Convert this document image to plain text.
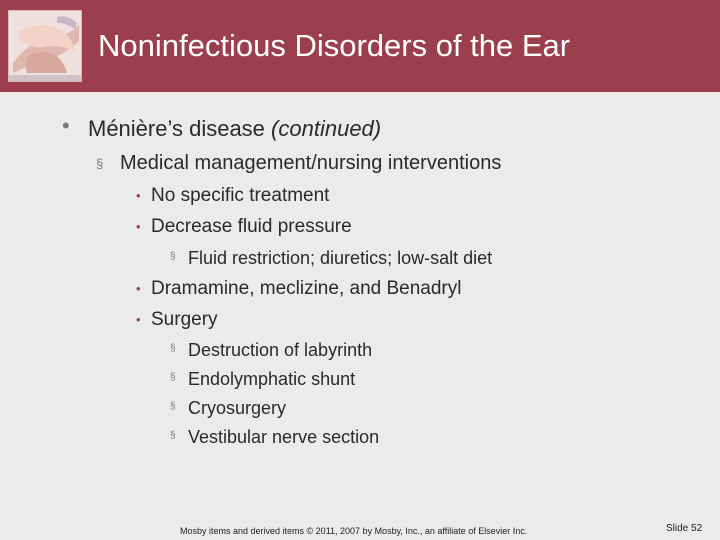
Noninfectious Disorders of the Ear
• Ménière’s disease (continued)
§ Medical management/nursing interventions
• No specific treatment
• Decrease fluid pressure
§ Fluid restriction; diuretics; low-salt diet
• Dramamine, meclizine, and Benadryl
• Surgery
§ Destruction of labyrinth
§ Endolymphatic shunt
§ Cryosurgery
§ Vestibular nerve section
Mosby items and derived items © 2011, 2007 by Mosby, Inc., an affiliate of Elsevier Inc.	Slide 52
